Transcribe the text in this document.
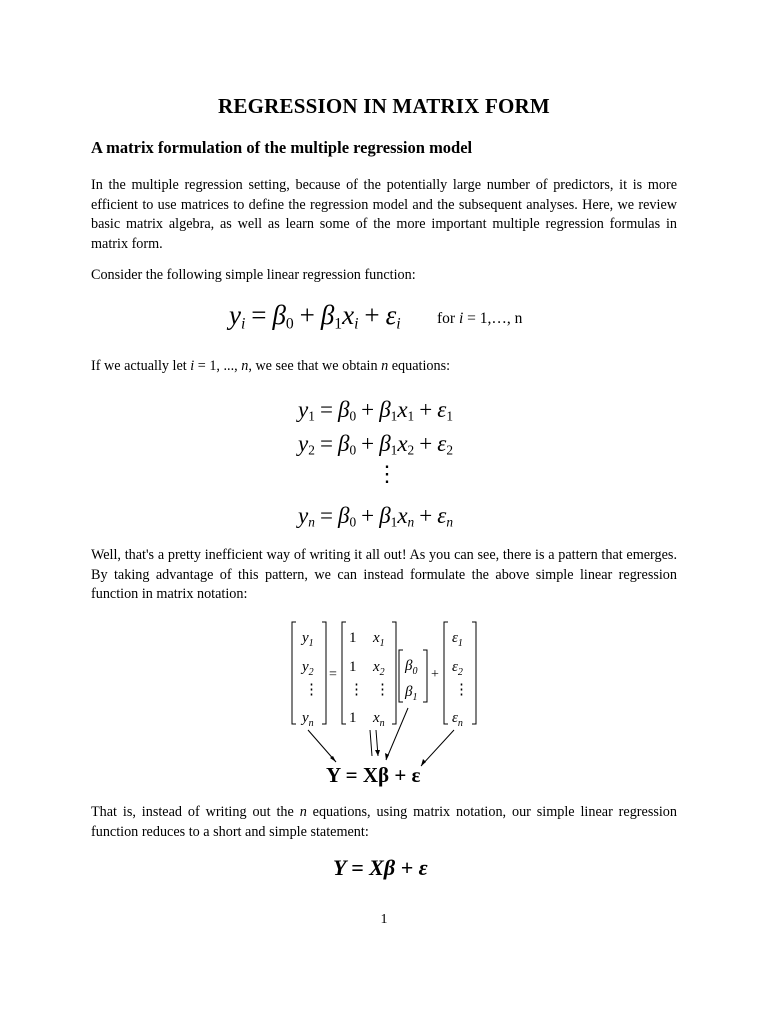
REGRESSION IN MATRIX FORM
A matrix formulation of the multiple regression model
In the multiple regression setting, because of the potentially large number of predictors, it is more efficient to use matrices to define the regression model and the subsequent analyses. Here, we review basic matrix algebra, as well as learn some of the more important multiple regression formulas in matrix form.
Consider the following simple linear regression function:
$y_i = \beta_0 + \beta_1x_i + \varepsilon_i$ for i = 1,…, n
If we actually let i = 1, ..., n, we see that we obtain n equations:
$y_1 = \beta_0 + \beta_1x_1 + \varepsilon_1$
$y_2 = \beta_0 + \beta_1x_2 + \varepsilon_2$
⋮
$y_n = \beta_0 + \beta_1x_n + \varepsilon_n$
Well, that's a pretty inefficient way of writing it all out! As you can see, there is a pattern that emerges. By taking advantage of this pattern, we can instead formulate the above simple linear regression function in matrix notation:
$y_1$
$y_2$
⋮
$y_n$
1
1
⋮
1
$x_1$
$x_2$
⋮
$x_n$
$\beta_0$
$\beta_1$
$\varepsilon_1$
$\varepsilon_2$
⋮
$\varepsilon_n$
=	+
Y = Xβ + ε
That is, instead of writing out the n equations, using matrix notation, our simple linear regression function reduces to a short and simple statement:
Y = Xβ + ε
1
